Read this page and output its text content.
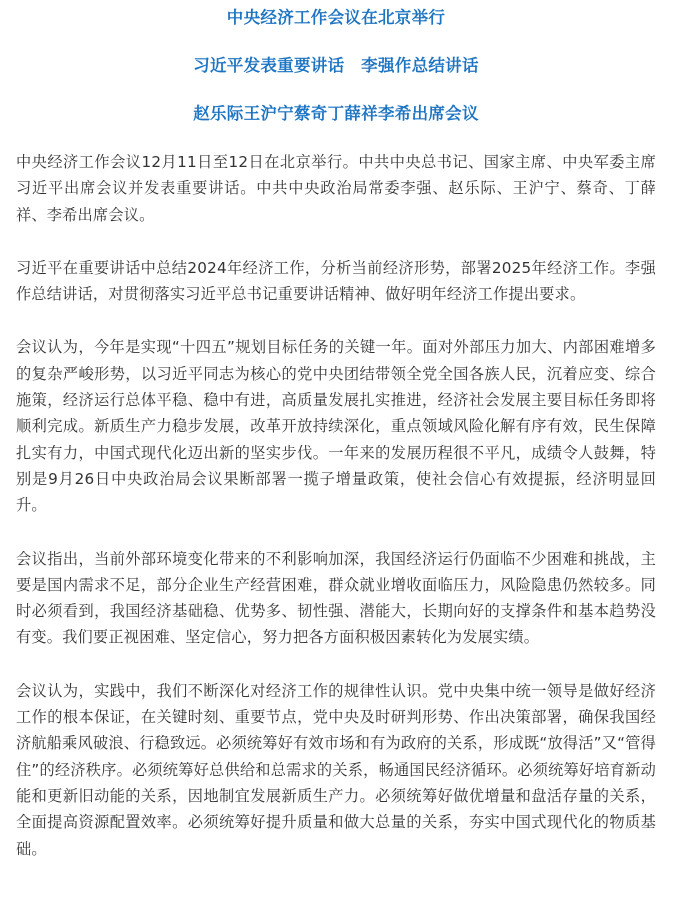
中央经济工作会议在北京举行
习近平发表重要讲话　李强作总结讲话
赵乐际王沪宁蔡奇丁薛祥李希出席会议

中央经济工作会议12月11日至12日在北京举行。中共中央总书记、国家主席、中央军委主席习近平出席会议并发表重要讲话。中共中央政治局常委李强、赵乐际、王沪宁、蔡奇、丁薛祥、李希出席会议。

习近平在重要讲话中总结2024年经济工作，分析当前经济形势，部署2025年经济工作。李强作总结讲话，对贯彻落实习近平总书记重要讲话精神、做好明年经济工作提出要求。

会议认为，今年是实现“十四五”规划目标任务的关键一年。面对外部压力加大、内部困难增多的复杂严峻形势，以习近平同志为核心的党中央团结带领全党全国各族人民，沉着应变、综合施策，经济运行总体平稳、稳中有进，高质量发展扎实推进，经济社会发展主要目标任务即将顺利完成。新质生产力稳步发展，改革开放持续深化，重点领域风险化解有序有效，民生保障扎实有力，中国式现代化迈出新的坚实步伐。一年来的发展历程很不平凡，成绩令人鼓舞，特别是9月26日中央政治局会议果断部署一揽子增量政策，使社会信心有效提振，经济明显回升。

会议指出，当前外部环境变化带来的不利影响加深，我国经济运行仍面临不少困难和挑战，主要是国内需求不足，部分企业生产经营困难，群众就业增收面临压力，风险隐患仍然较多。同时必须看到，我国经济基础稳、优势多、韧性强、潜能大，长期向好的支撑条件和基本趋势没有变。我们要正视困难、坚定信心，努力把各方面积极因素转化为发展实绩。

会议认为，实践中，我们不断深化对经济工作的规律性认识。党中央集中统一领导是做好经济工作的根本保证，在关键时刻、重要节点，党中央及时研判形势、作出决策部署，确保我国经济航船乘风破浪、行稳致远。必须统筹好有效市场和有为政府的关系，形成既“放得活”又“管得住”的经济秩序。必须统筹好总供给和总需求的关系，畅通国民经济循环。必须统筹好培育新动能和更新旧动能的关系，因地制宜发展新质生产力。必须统筹好做优增量和盘活存量的关系，全面提高资源配置效率。必须统筹好提升质量和做大总量的关系，夯实中国式现代化的物质基础。
